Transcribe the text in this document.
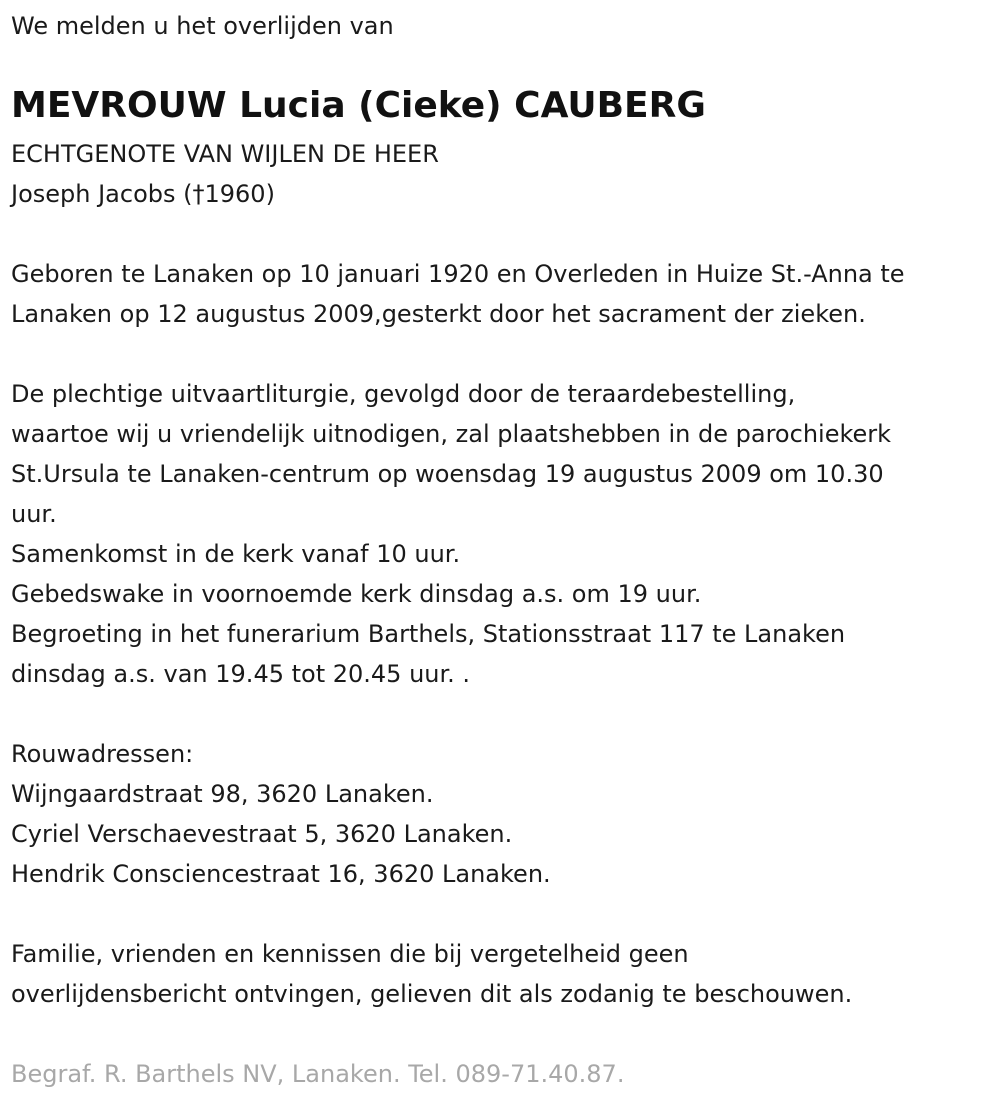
We melden u het overlijden van
MEVROUW Lucia (Cieke) CAUBERG
ECHTGENOTE VAN WIJLEN DE HEER
Joseph Jacobs (†1960)
Geboren te Lanaken op 10 januari 1920 en Overleden in Huize St.-Anna te
Lanaken op 12 augustus 2009,gesterkt door het sacrament der zieken.
De plechtige uitvaartliturgie, gevolgd door de teraardebestelling,
waartoe wij u vriendelijk uitnodigen, zal plaatshebben in de parochiekerk
St.Ursula te Lanaken-centrum op woensdag 19 augustus 2009 om 10.30
uur.
Samenkomst in de kerk vanaf 10 uur.
Gebedswake in voornoemde kerk dinsdag a.s. om 19 uur.
Begroeting in het funerarium Barthels, Stationsstraat 117 te Lanaken
dinsdag a.s. van 19.45 tot 20.45 uur. .
Rouwadressen:
Wijngaardstraat 98, 3620 Lanaken.
Cyriel Verschaevestraat 5, 3620 Lanaken.
Hendrik Consciencestraat 16, 3620 Lanaken.
Familie, vrienden en kennissen die bij vergetelheid geen
overlijdensbericht ontvingen, gelieven dit als zodanig te beschouwen.
Begraf. R. Barthels NV, Lanaken. Tel. 089-71.40.87.
